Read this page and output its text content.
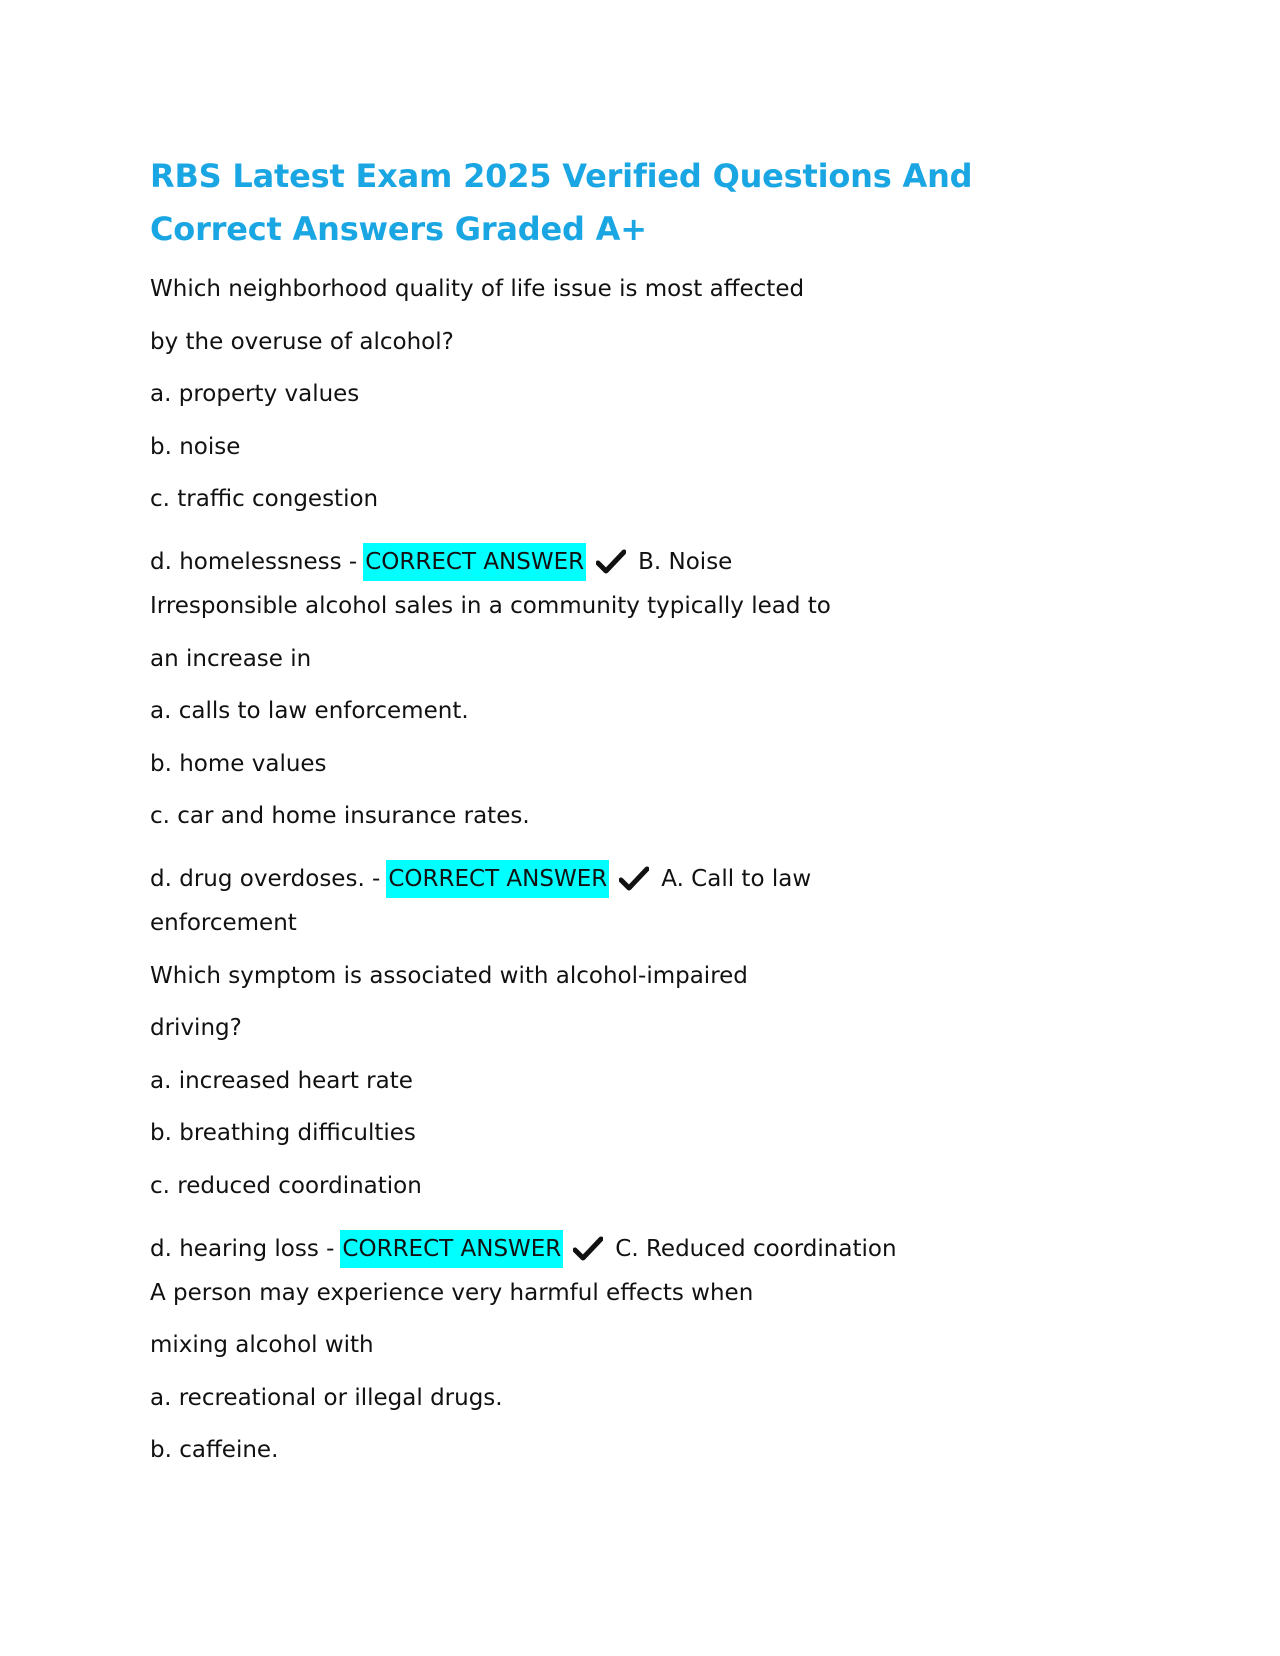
RBS Latest Exam 2025 Verified Questions And Correct Answers Graded A+
Which neighborhood quality of life issue is most affected
by the overuse of alcohol?
a. property values
b. noise
c. traffic congestion
d. homelessness - CORRECT ANSWER B. Noise
Irresponsible alcohol sales in a community typically lead to
an increase in
a. calls to law enforcement.
b. home values
c. car and home insurance rates.
d. drug overdoses. - CORRECT ANSWER A. Call to law
enforcement
Which symptom is associated with alcohol-impaired
driving?
a. increased heart rate
b. breathing difficulties
c. reduced coordination
d. hearing loss - CORRECT ANSWER C. Reduced coordination
A person may experience very harmful effects when
mixing alcohol with
a. recreational or illegal drugs.
b. caffeine.
